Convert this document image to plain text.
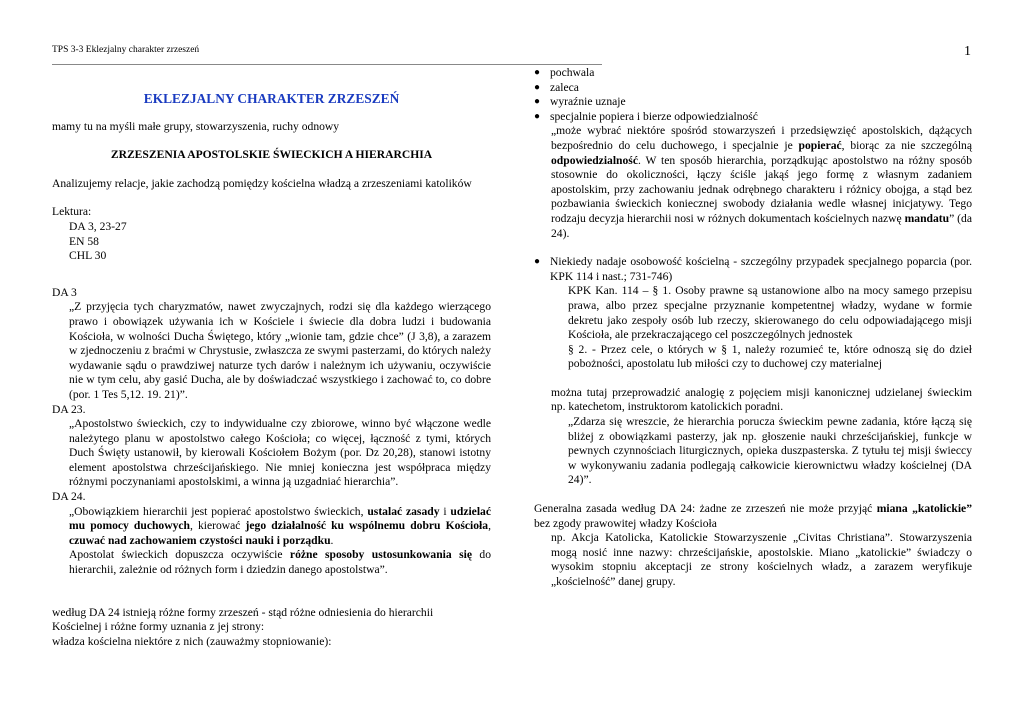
TPS 3-3 Eklezjalny charakter zrzeszeń	1

EKLEZJALNY CHARAKTER ZRZESZEŃ

mamy tu na myśli małe grupy, stowarzyszenia, ruchy odnowy

ZRZESZENIA APOSTOLSKIE ŚWIECKICH A HIERARCHIA

Analizujemy relacje, jakie zachodzą pomiędzy kościelna władzą a zrzeszeniami katolików

Lektura:

DA 3, 23-27

EN 58

CHL 30

DA 3

„Z przyjęcia tych charyzmatów, nawet zwyczajnych, rodzi się dla każdego wierzącego prawo i obowiązek używania ich w Kościele i świecie dla dobra ludzi i budowania Kościoła, w wolności Ducha Świętego, który „wionie tam, gdzie chce” (J 3,8), a zarazem w zjednoczeniu z braćmi w Chrystusie, zwłaszcza ze swymi pasterzami, do których należy wydawanie sądu o prawdziwej naturze tych darów i należnym ich używaniu, oczywiście nie w tym celu, aby gasić Ducha, ale by doświadczać wszystkiego i zachować to, co dobre (por. 1 Tes 5,12. 19. 21)”.

DA 23.

„Apostolstwo świeckich, czy to indywidualne czy zbiorowe, winno być włączone wedle należytego planu w apostolstwo całego Kościoła; co więcej, łączność z tymi, których Duch Święty ustanowił, by kierowali Kościołem Bożym (por. Dz 20,28), stanowi istotny element apostolstwa chrześcijańskiego. Nie mniej konieczna jest współpraca między różnymi poczynaniami apostolskimi, a winna ją uzgadniać hierarchia”.

DA 24.

„Obowiązkiem hierarchii jest popierać apostolstwo świeckich, ustalać zasady i udzielać mu pomocy duchowych, kierować jego działalność ku wspólnemu dobru Kościoła, czuwać nad zachowaniem czystości nauki i porządku.

Apostolat świeckich dopuszcza oczywiście różne sposoby ustosunkowania się do hierarchii, zależnie od różnych form i dziedzin danego apostolstwa”.

według DA 24 istnieją różne formy zrzeszeń - stąd różne odniesienia do hierarchii

Kościelnej i różne formy uznania z jej strony:

władza kościelna niektóre z nich (zauważmy stopniowanie):

● pochwala
● zaleca
● wyraźnie uznaje
● specjalnie popiera i bierze odpowiedzialność

„może wybrać niektóre spośród stowarzyszeń i przedsięwzięć apostolskich, dążących bezpośrednio do celu duchowego, i specjalnie je popierać, biorąc za nie szczególną odpowiedzialność. W ten sposób hierarchia, porządkując apostolstwo na różny sposób stosownie do okoliczności, łączy ściśle jakąś jego formę z własnym zadaniem apostolskim, przy zachowaniu jednak odrębnego charakteru i różnicy obojga, a stąd bez pozbawiania świeckich koniecznej swobody działania wedle własnej inicjatywy. Tego rodzaju decyzja hierarchii nosi w różnych dokumentach kościelnych nazwę mandatu” (da 24).

● Niekiedy nadaje osobowość kościelną - szczególny przypadek specjalnego poparcia (por. KPK 114 i nast.; 731-746)

KPK Kan. 114 – § 1. Osoby prawne są ustanowione albo na mocy samego przepisu prawa, albo przez specjalne przyznanie kompetentnej władzy, wydane w formie dekretu jako zespoły osób lub rzeczy, skierowanego do celu odpowiadającego misji Kościoła, ale przekraczającego cel poszczególnych jednostek

§ 2. - Przez cele, o których w § 1, należy rozumieć te, które odnoszą się do dzieł pobożności, apostolatu lub miłości czy to duchowej czy materialnej

można tutaj przeprowadzić analogię z pojęciem misji kanonicznej udzielanej świeckim np. katechetom, instruktorom katolickich poradni.

„Zdarza się wreszcie, że hierarchia porucza świeckim pewne zadania, które łączą się bliżej z obowiązkami pasterzy, jak np. głoszenie nauki chrześcijańskiej, funkcje w pewnych czynnościach liturgicznych, opieka duszpasterska. Z tytułu tej misji świeccy w wykonywaniu zadania podlegają całkowicie kierownictwu władzy kościelnej (DA 24)”.

Generalna zasada według DA 24: żadne ze zrzeszeń nie może przyjąć miana „katolickie” bez zgody prawowitej władzy Kościoła

np. Akcja Katolicka, Katolickie Stowarzyszenie „Civitas Christiana”. Stowarzyszenia mogą nosić inne nazwy: chrześcijańskie, apostolskie. Miano „katolickie” świadczy o wysokim stopniu akceptacji ze strony kościelnych władz, a zarazem weryfikuje „kościelność” danej grupy.
